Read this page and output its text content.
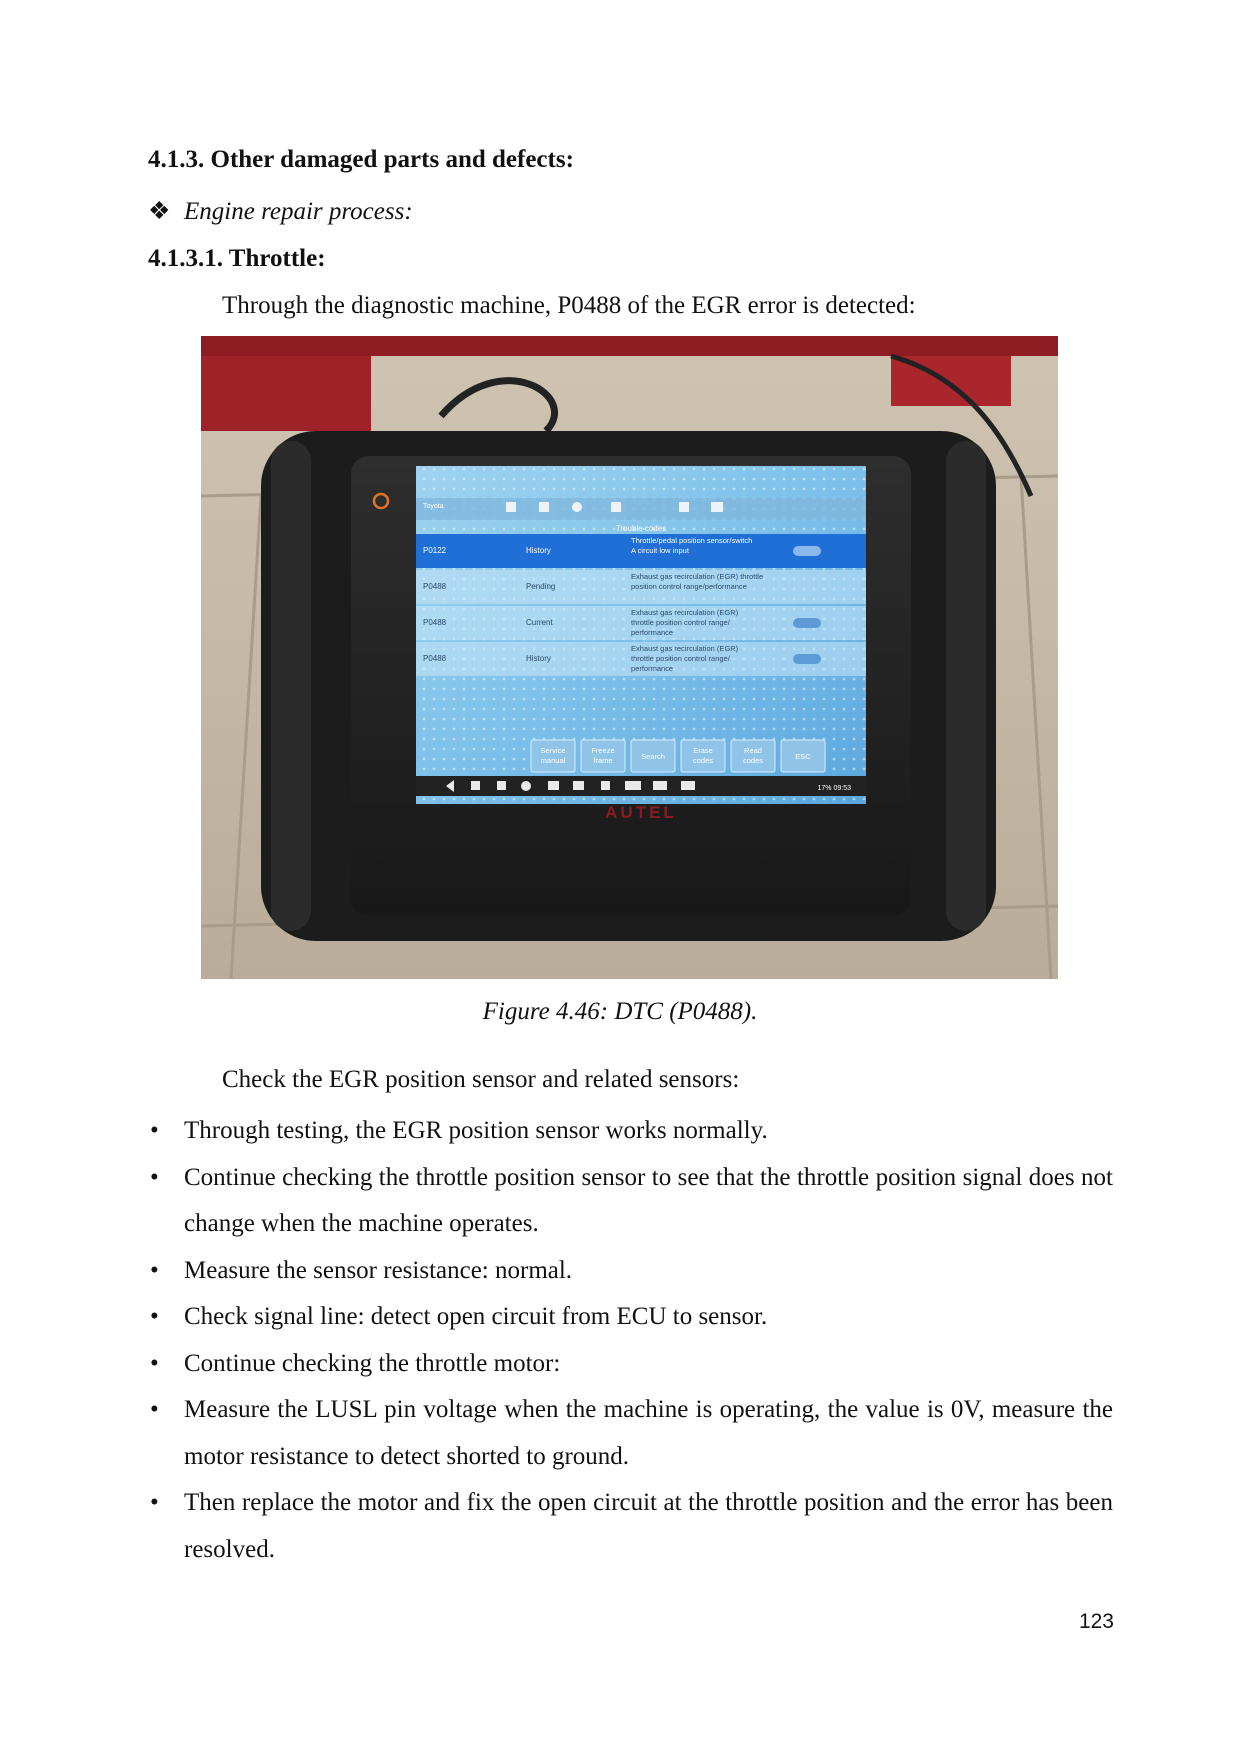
4.1.3. Other damaged parts and defects:
❖ Engine repair process:
4.1.3.1. Throttle:
Through the diagnostic machine, P0488 of the EGR error is detected:
Toyota
Trouble codes
P0122	History
Throttle/pedal position sensor/switch
A circuit low input
P0488	Pending
Exhaust gas recirculation (EGR) throttle
position control range/performance
P0488	Current
Exhaust gas recirculation (EGR)
throttle position control range/
performance
P0488	History
Exhaust gas recirculation (EGR)
throttle position control range/
performance
Service
manual
Freeze
frame	Search
Erase
codes
Read
codes	ESC
17% 09:53
AUTEL
Figure 4.46: DTC (P0488).
Check the EGR position sensor and related sensors:
• Through testing, the EGR position sensor works normally.
• Continue checking the throttle position sensor to see that the throttle position signal does not change when the machine operates.
• Measure the sensor resistance: normal.
• Check signal line: detect open circuit from ECU to sensor.
• Continue checking the throttle motor:
• Measure the LUSL pin voltage when the machine is operating, the value is 0V, measure the motor resistance to detect shorted to ground.
• Then replace the motor and fix the open circuit at the throttle position and the error has been resolved.
123
